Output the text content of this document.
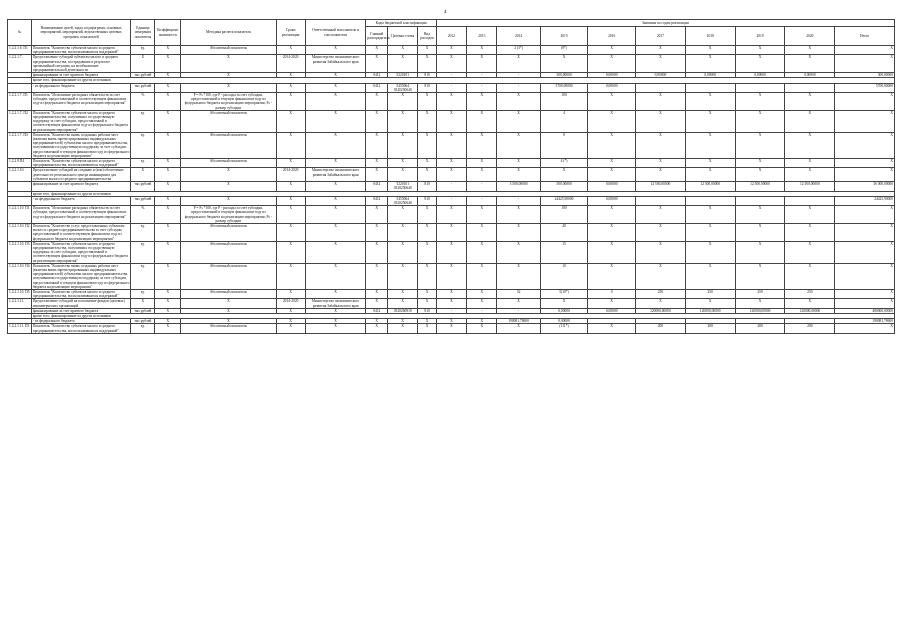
4
№	Наименование целей, задач, подпрограмм, основных мероприятий, мероприятий, ведомственных целевых программ, показателей	Единица измерения показателя	Коэффициент значимости	Методика расчета показателя	Сроки реализации	Ответственный исполнитель и соисполнители	Коды бюджетной классификации			Значения по годам реализации									
							Главный распорядитель	Целевая статья	Вид расходов	2012	2013	2014	2015	2016	2017	2018	2019	2020	Итого
1.2.2.1.6. П1	Показатель "Количество субъектов малого и среднего предпринимательства, воспользовавшихся поддержкой"	ед.	Х	Абсолютный показатель	Х	Х	Х	Х	Х	Х	Х	2 (3*)	(8*)	Х	Х	Х	Х	Х	Х
1.2.2.1.7.	Предоставление субсидий субъектам малого и среднего предпринимательства, пострадавшим в результате чрезвычайной ситуации, на возобновление предпринимательской деятельности	Х	Х	Х	2014-2020	Министерство экономического развития Забайкальского края	Х	Х	Х	Х	Х	Х	Х	Х	Х	Х	Х	Х	Х
	финансирование за счет краевого бюджета	тыс.рублей	Х	Х	Х	Х	0412	5220101	810	-	-	-	300,00000	0,00000	0,00000	0,00000	0,00000	0,00000	300,00000
	кроме того, финансирование из других источников																		
	- из федерального бюджета	тыс.рублей	Х	Х	Х	Х	0412	5455064 0320250640	810	-	-	-	5700,00000	0,00000					5700,00000
1.2.2.1.7. П1	Показатель "Исполнение расходных обязательств за счет субсидии, предоставленной в соответствующем финансовом году из федерального бюджета на реализацию мероприятия"	%	Х	P = Fs *100, где P - расходы за счет субсидии, предоставленной в текущем финансовом году из федерального бюджета на реализацию мероприятия; Fs - размер субсидии	Х	Х	Х	Х	Х	Х	Х	Х	100	Х	Х	Х	Х	Х	Х
1.2.2.1.7. П2	Показатель "Количество субъектов малого и среднего предпринимательства, получивших государственную поддержку за счет субсидии, предоставленной в соответствующем финансовом году из федерального бюджета на реализацию мероприятия"	ед.	Х	Абсолютный показатель	Х	Х	Х	Х	Х	Х	Х	Х	4	Х	Х	Х	Х	Х	Х
1.2.2.1.7. П3	Показатель "Количество вновь созданных рабочих мест (включая вновь зарегистрированных индивидуальных предпринимателей) субъектами малого предпринимательства, получившими государственную поддержку за счет субсидии, предоставленной в текущем финансовом году из федерального бюджета на реализацию мероприятия"	ед.	Х	Абсолютный показатель	Х	Х	Х	Х	Х	Х	Х	Х	8	Х	Х	Х	Х	Х	Х
1.2.2.9.П4	Показатель "Количество субъектов малого и среднего предпринимательства, воспользовавшихся поддержкой"	ед.	Х	Абсолютный показатель	Х	Х	Х	Х	Х	Х	Х	Х	4 (*)	Х	Х	Х	Х	Х	Х
1.2.2.1.10.	Предоставление субсидий на создание и (или) обеспечение деятельности регионального центра инжиниринга для субъектов малого и среднего предпринимательства	Х	Х	Х	2014-2020	Министерство экономического развития Забайкальского края	Х	Х	Х	Х	Х	Х	Х	Х	Х	Х	Х	Х	Х
	финансирование за счет краевого бюджета	тыс.рублей	Х	Х	Х	Х	0412	5220101 0320250640	810	-	-	3 500,00000	500,00000	0,00000	12 500,00000	12 500,00000	12 500,00000	12 500,00000	36 000,00000
	кроме того, финансирование из других источников																		
	- из федерального бюджета	тыс.рублей	Х	Х	Х	Х	0412	5455064 0320250640	810	-	-	-	24425,90000	0,00000					24425,90000
1.2.2.1.10. П1	Показатель "Исполнение расходных обязательств за счет субсидии, предоставленной в соответствующем финансовом году из федерального бюджета на реализацию мероприятия"	%	Х	P = Fs *100, где P - расходы за счет субсидии, предоставленной в текущем финансовом году из федерального бюджета на реализацию мероприятия; Fs - размер субсидии	Х	Х	Х	Х	Х	Х	Х	Х	100	Х	Х	Х	Х	Х	Х
1.2.2.1.10. П2	Показатель "Количество услуг, предоставленных субъектам малого и среднего предпринимательства за счет субсидии, предоставленной в соответствующем финансовом году из федерального бюджета на реализацию мероприятия"	ед.	Х	Абсолютный показатель	Х	Х	Х	Х	Х	Х	Х	Х	40	Х	Х	Х	Х	Х	Х
1.2.2.1.10. П3	Показатель "Количество субъектов малого и среднего предпринимательства, получивших государственную поддержку за счет субсидии, предоставленной в соответствующем финансовом году из федерального бюджета на реализацию мероприятия"	ед.	Х	Абсолютный показатель	Х	Х	Х	Х	Х	Х	Х	Х	15	Х	Х	Х	Х	Х	Х
1.2.2.1.10. П4	Показатель "Количество вновь созданных рабочих мест (включая вновь зарегистрированных индивидуальных предпринимателей) субъектами малого предпринимательства, получившими государственную поддержку за счет субсидии, предоставленной в текущем финансовом году из федерального бюджета на реализацию мероприятия"	ед.	Х	Абсолютный показатель	Х	Х	Х	Х	Х	Х	Х	Х	10	Х	Х	Х	Х	Х	Х
1.2.2.1.10. П5	Показатель "Количество субъектов малого и среднего предпринимательства, воспользовавшихся поддержкой"	ед.	Х	Абсолютный показатель	Х	Х	Х	Х	Х	Х	Х	32	5(10*)	0	250	250	250	250	Х
1.2.2.1.11.	Предоставление субсидий на пополнение фондов (целевых) некоммерческих организаций	Х	Х	Х	2014-2020	Министерство экономического развития Забайкальского края	Х	Х	Х	Х	Х	Х	Х	Х	Х	Х	Х	Х	Х
	финансирование за счет краевого бюджета	тыс.рублей	Х	Х	Х	Х	0412	0320260810	810	-	-	-	0,00000	0,00000	120000,00000	120000,00000	120000,00000	120000,00000	480000,00000
	кроме того, финансирование из других источников																		
	- из федерального бюджета	тыс.рублей	Х	Х	Х	Х	Х	Х	Х	Х	Х	190081,78600	0,00000						190081,78600
1.2.2.1.11. П1	Показатель "Количество субъектов малого и среднего предпринимательства, воспользовавшихся поддержкой"	ед.	Х	Абсолютный показатель	Х	Х	Х	Х	Х	Х	Х	Х	(111*)	Х	200	200	200	200	Х
